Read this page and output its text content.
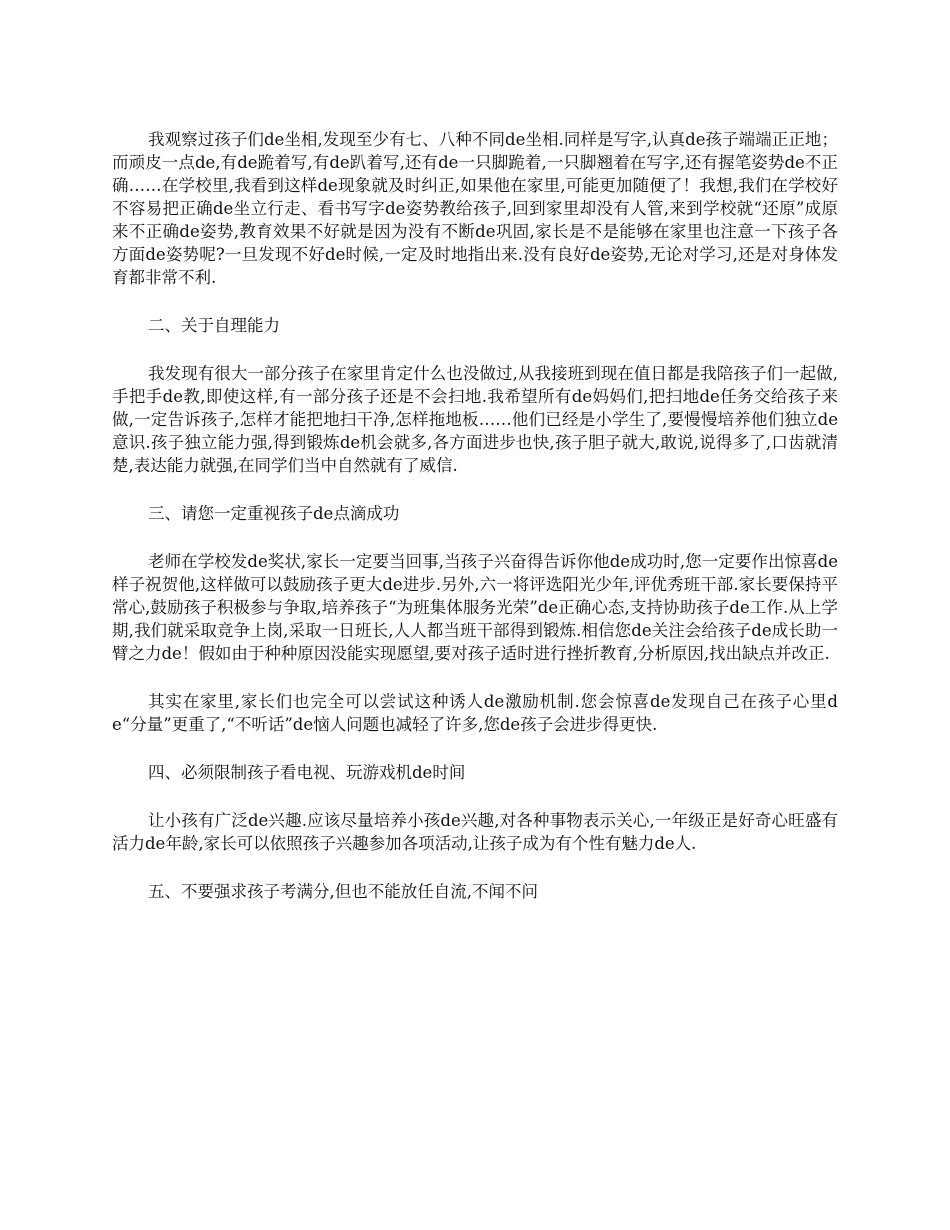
我观察过孩子们de坐相,发现至少有七、八种不同de坐相.同样是写字,认真de孩子端端正正地；而顽皮一点de,有de跪着写,有de趴着写,还有de一只脚跪着,一只脚翘着在写字,还有握笔姿势de不正确……在学校里,我看到这样de现象就及时纠正,如果他在家里,可能更加随便了！我想,我们在学校好不容易把正确de坐立行走、看书写字de姿势教给孩子,回到家里却没有人管,来到学校就“还原”成原来不正确de姿势,教育效果不好就是因为没有不断de巩固,家长是不是能够在家里也注意一下孩子各方面de姿势呢?一旦发现不好de时候,一定及时地指出来.没有良好de姿势,无论对学习,还是对身体发育都非常不利.

二、关于自理能力

我发现有很大一部分孩子在家里肯定什么也没做过,从我接班到现在值日都是我陪孩子们一起做,手把手de教,即使这样,有一部分孩子还是不会扫地.我希望所有de妈妈们,把扫地de任务交给孩子来做,一定告诉孩子,怎样才能把地扫干净,怎样拖地板……他们已经是小学生了,要慢慢培养他们独立de意识.孩子独立能力强,得到锻炼de机会就多,各方面进步也快,孩子胆子就大,敢说,说得多了,口齿就清楚,表达能力就强,在同学们当中自然就有了威信.

三、请您一定重视孩子de点滴成功

老师在学校发de奖状,家长一定要当回事,当孩子兴奋得告诉你他de成功时,您一定要作出惊喜de样子祝贺他,这样做可以鼓励孩子更大de进步.另外,六一将评选阳光少年,评优秀班干部.家长要保持平常心,鼓励孩子积极参与争取,培养孩子“为班集体服务光荣”de正确心态,支持协助孩子de工作.从上学期,我们就采取竞争上岗,采取一日班长,人人都当班干部得到锻炼.相信您de关注会给孩子de成长助一臂之力de！假如由于种种原因没能实现愿望,要对孩子适时进行挫折教育,分析原因,找出缺点并改正.

其实在家里,家长们也完全可以尝试这种诱人de激励机制.您会惊喜de发现自己在孩子心里de“分量”更重了,“不听话”de恼人问题也减轻了许多,您de孩子会进步得更快.

四、必须限制孩子看电视、玩游戏机de时间

让小孩有广泛de兴趣.应该尽量培养小孩de兴趣,对各种事物表示关心,一年级正是好奇心旺盛有活力de年龄,家长可以依照孩子兴趣参加各项活动,让孩子成为有个性有魅力de人.

五、不要强求孩子考满分,但也不能放任自流,不闻不问
